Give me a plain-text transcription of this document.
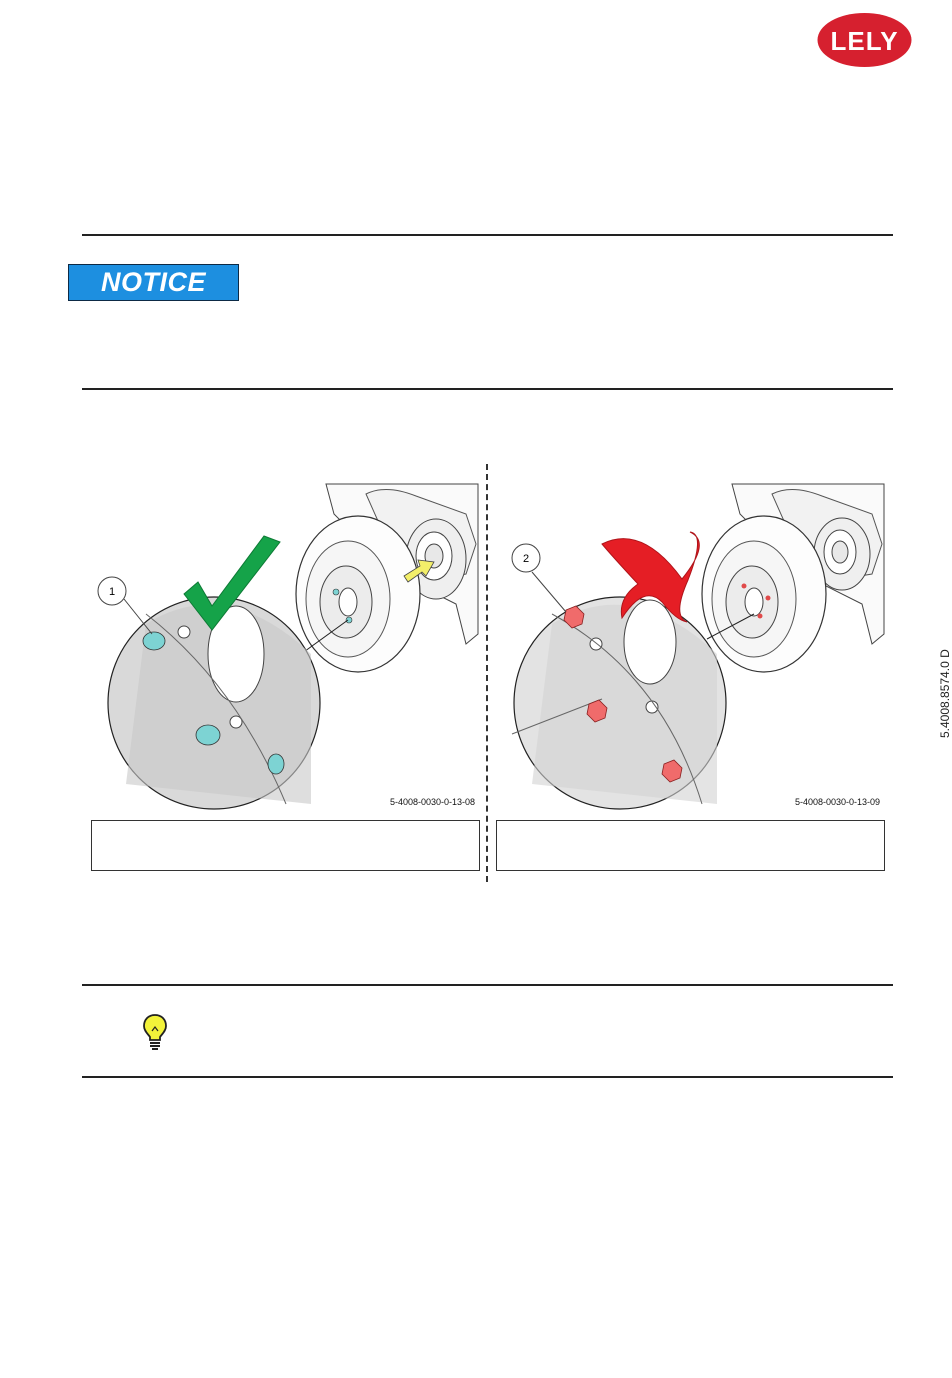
LELY
NOTICE
1
5-4008-0030-0-13-08
2
5-4008-0030-0-13-09
5.4008.8574.0 D
